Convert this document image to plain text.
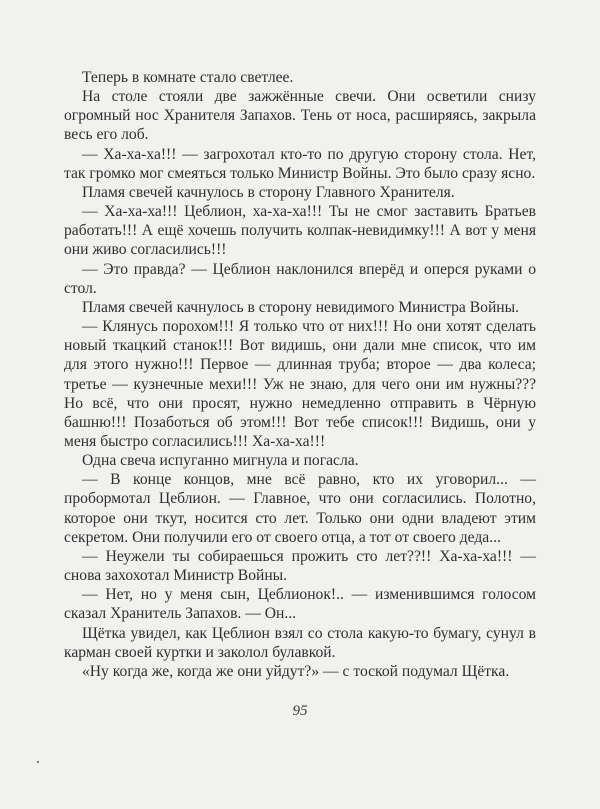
Теперь в комнате стало светлее.

На столе стояли две зажжённые свечи. Они осветили снизу огромный нос Хранителя Запахов. Тень от носа, расширяясь, закрыла весь его лоб.

— Ха-ха-ха!!! — загрохотал кто-то по другую сторону стола. Нет, так громко мог смеяться только Министр Войны. Это было сразу ясно.

Пламя свечей качнулось в сторону Главного Хранителя.

— Ха-ха-ха!!! Цеблион, ха-ха-ха!!! Ты не смог заставить Братьев работать!!! А ещё хочешь получить колпак-невидимку!!! А вот у меня они живо согласились!!!

— Это правда? — Цеблион наклонился вперёд и оперся руками о стол.

Пламя свечей качнулось в сторону невидимого Министра Войны.

— Клянусь порохом!!! Я только что от них!!! Но они хотят сделать новый ткацкий станок!!! Вот видишь, они дали мне список, что им для этого нужно!!! Первое — длинная труба; второе — два колеса; третье — кузнечные мехи!!! Уж не знаю, для чего они им нужны??? Но всё, что они просят, нужно немедленно отправить в Чёрную башню!!! Позаботься об этом!!! Вот тебе список!!! Видишь, они у меня быстро согласились!!! Ха-ха-ха!!!

Одна свеча испуганно мигнула и погасла.

— В конце концов, мне всё равно, кто их уговорил... — пробормотал Цеблион. — Главное, что они согласились. Полотно, которое они ткут, носится сто лет. Только они одни владеют этим секретом. Они получили его от своего отца, а тот от своего деда...

— Неужели ты собираешься прожить сто лет??!! Ха-ха-ха!!! — снова захохотал Министр Войны.

— Нет, но у меня сын, Цеблионок!.. — изменившимся голосом сказал Хранитель Запахов. — Он...

Щётка увидел, как Цеблион взял со стола какую-то бумагу, сунул в карман своей куртки и заколол булавкой.

«Ну когда же, когда же они уйдут?» — с тоской подумал Щётка.

95
